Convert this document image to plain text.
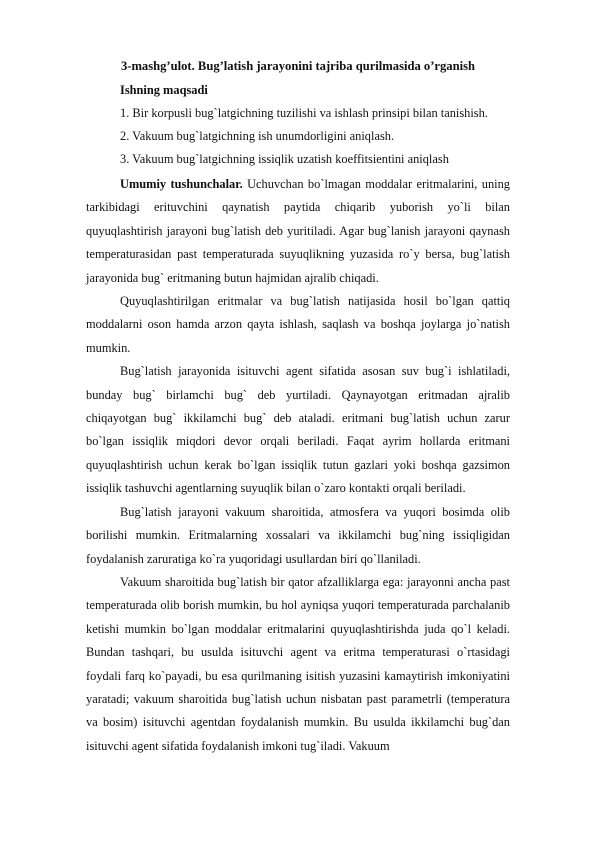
3-mashg’ulot. Bug’latish jarayonini tajriba qurilmasida o’rganish

Ishning maqsadi

1. Bir korpusli bug`latgichning tuzilishi va ishlash prinsipi bilan tanishish.

2. Vakuum bug`latgichning ish unumdorligini aniqlash.

3. Vakuum bug`latgichning issiqlik uzatish koeffitsientini aniqlash

Umumiy tushunchalar. Uchuvchan bo`lmagan moddalar eritmalarini, uning tarkibidagi erituvchini qaynatish paytida chiqarib yuborish yo`li bilan quyuqlashtirish jarayoni bug`latish deb yuritiladi. Agar bug`lanish jarayoni qaynash temperaturasidan past temperaturada suyuqlikning yuzasida ro`y bersa, bug`latish jarayonida bug` eritmaning butun hajmidan ajralib chiqadi.

Quyuqlashtirilgan eritmalar va bug`latish natijasida hosil bo`lgan qattiq moddalarni oson hamda arzon qayta ishlash, saqlash va boshqa joylarga jo`natish mumkin.

Bug`latish jarayonida isituvchi agent sifatida asosan suv bug`i ishlatiladi, bunday bug` birlamchi bug` deb yurtiladi. Qaynayotgan eritmadan ajralib chiqayotgan bug` ikkilamchi bug` deb ataladi. eritmani bug`latish uchun zarur bo`lgan issiqlik miqdori devor orqali beriladi. Faqat ayrim hollarda eritmani quyuqlashtirish uchun kerak bo`lgan issiqlik tutun gazlari yoki boshqa gazsimon issiqlik tashuvchi agentlarning suyuqlik bilan o`zaro kontakti orqali beriladi.

Bug`latish jarayoni vakuum sharoitida, atmosfera va yuqori bosimda olib borilishi mumkin. Eritmalarning xossalari va ikkilamchi bug`ning issiqligidan foydalanish zaruratiga ko`ra yuqoridagi usullardan biri qo`llaniladi.

Vakuum sharoitida bug`latish bir qator afzalliklarga ega: jarayonni ancha past temperaturada olib borish mumkin, bu hol ayniqsa yuqori temperaturada parchalanib ketishi mumkin bo`lgan moddalar eritmalarini quyuqlashtirishda juda qo`l keladi. Bundan tashqari, bu usulda isituvchi agent va eritma temperaturasi o`rtasidagi foydali farq ko`payadi, bu esa qurilmaning isitish yuzasini kamaytirish imkoniyatini yaratadi; vakuum sharoitida bug`latish uchun nisbatan past parametrli (temperatura va bosim) isituvchi agentdan foydalanish mumkin. Bu usulda ikkilamchi bug`dan isituvchi agent sifatida foydalanish imkoni tug`iladi. Vakuum
